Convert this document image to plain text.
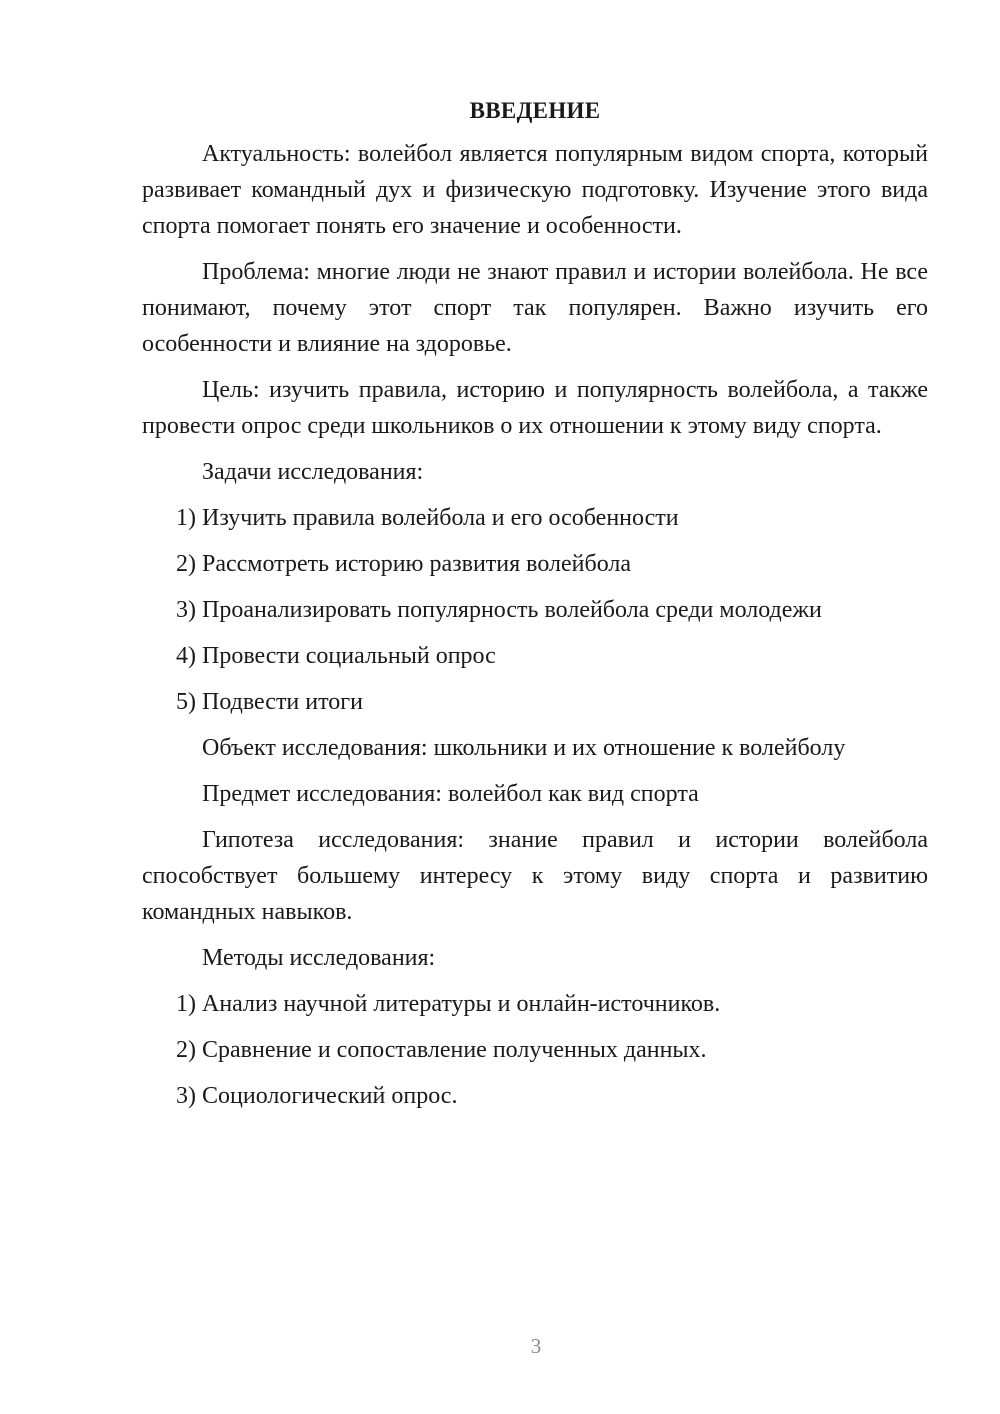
ВВЕДЕНИЕ

Актуальность: волейбол является популярным видом спорта, который развивает командный дух и физическую подготовку. Изучение этого вида спорта помогает понять его значение и особенности.

Проблема: многие люди не знают правил и истории волейбола. Не все понимают, почему этот спорт так популярен. Важно изучить его особенности и влияние на здоровье.

Цель: изучить правила, историю и популярность волейбола, а также провести опрос среди школьников о их отношении к этому виду спорта.

Задачи исследования:
1) Изучить правила волейбола и его особенности
2) Рассмотреть историю развития волейбола
3) Проанализировать популярность волейбола среди молодежи
4) Провести социальный опрос
5) Подвести итоги
Объект исследования: школьники и их отношение к волейболу
Предмет исследования: волейбол как вид спорта

Гипотеза исследования: знание правил и истории волейбола способствует большему интересу к этому виду спорта и развитию командных навыков.

Методы исследования:
1) Анализ научной литературы и онлайн-источников.
2) Сравнение и сопоставление полученных данных.
3) Социологический опрос.
3
